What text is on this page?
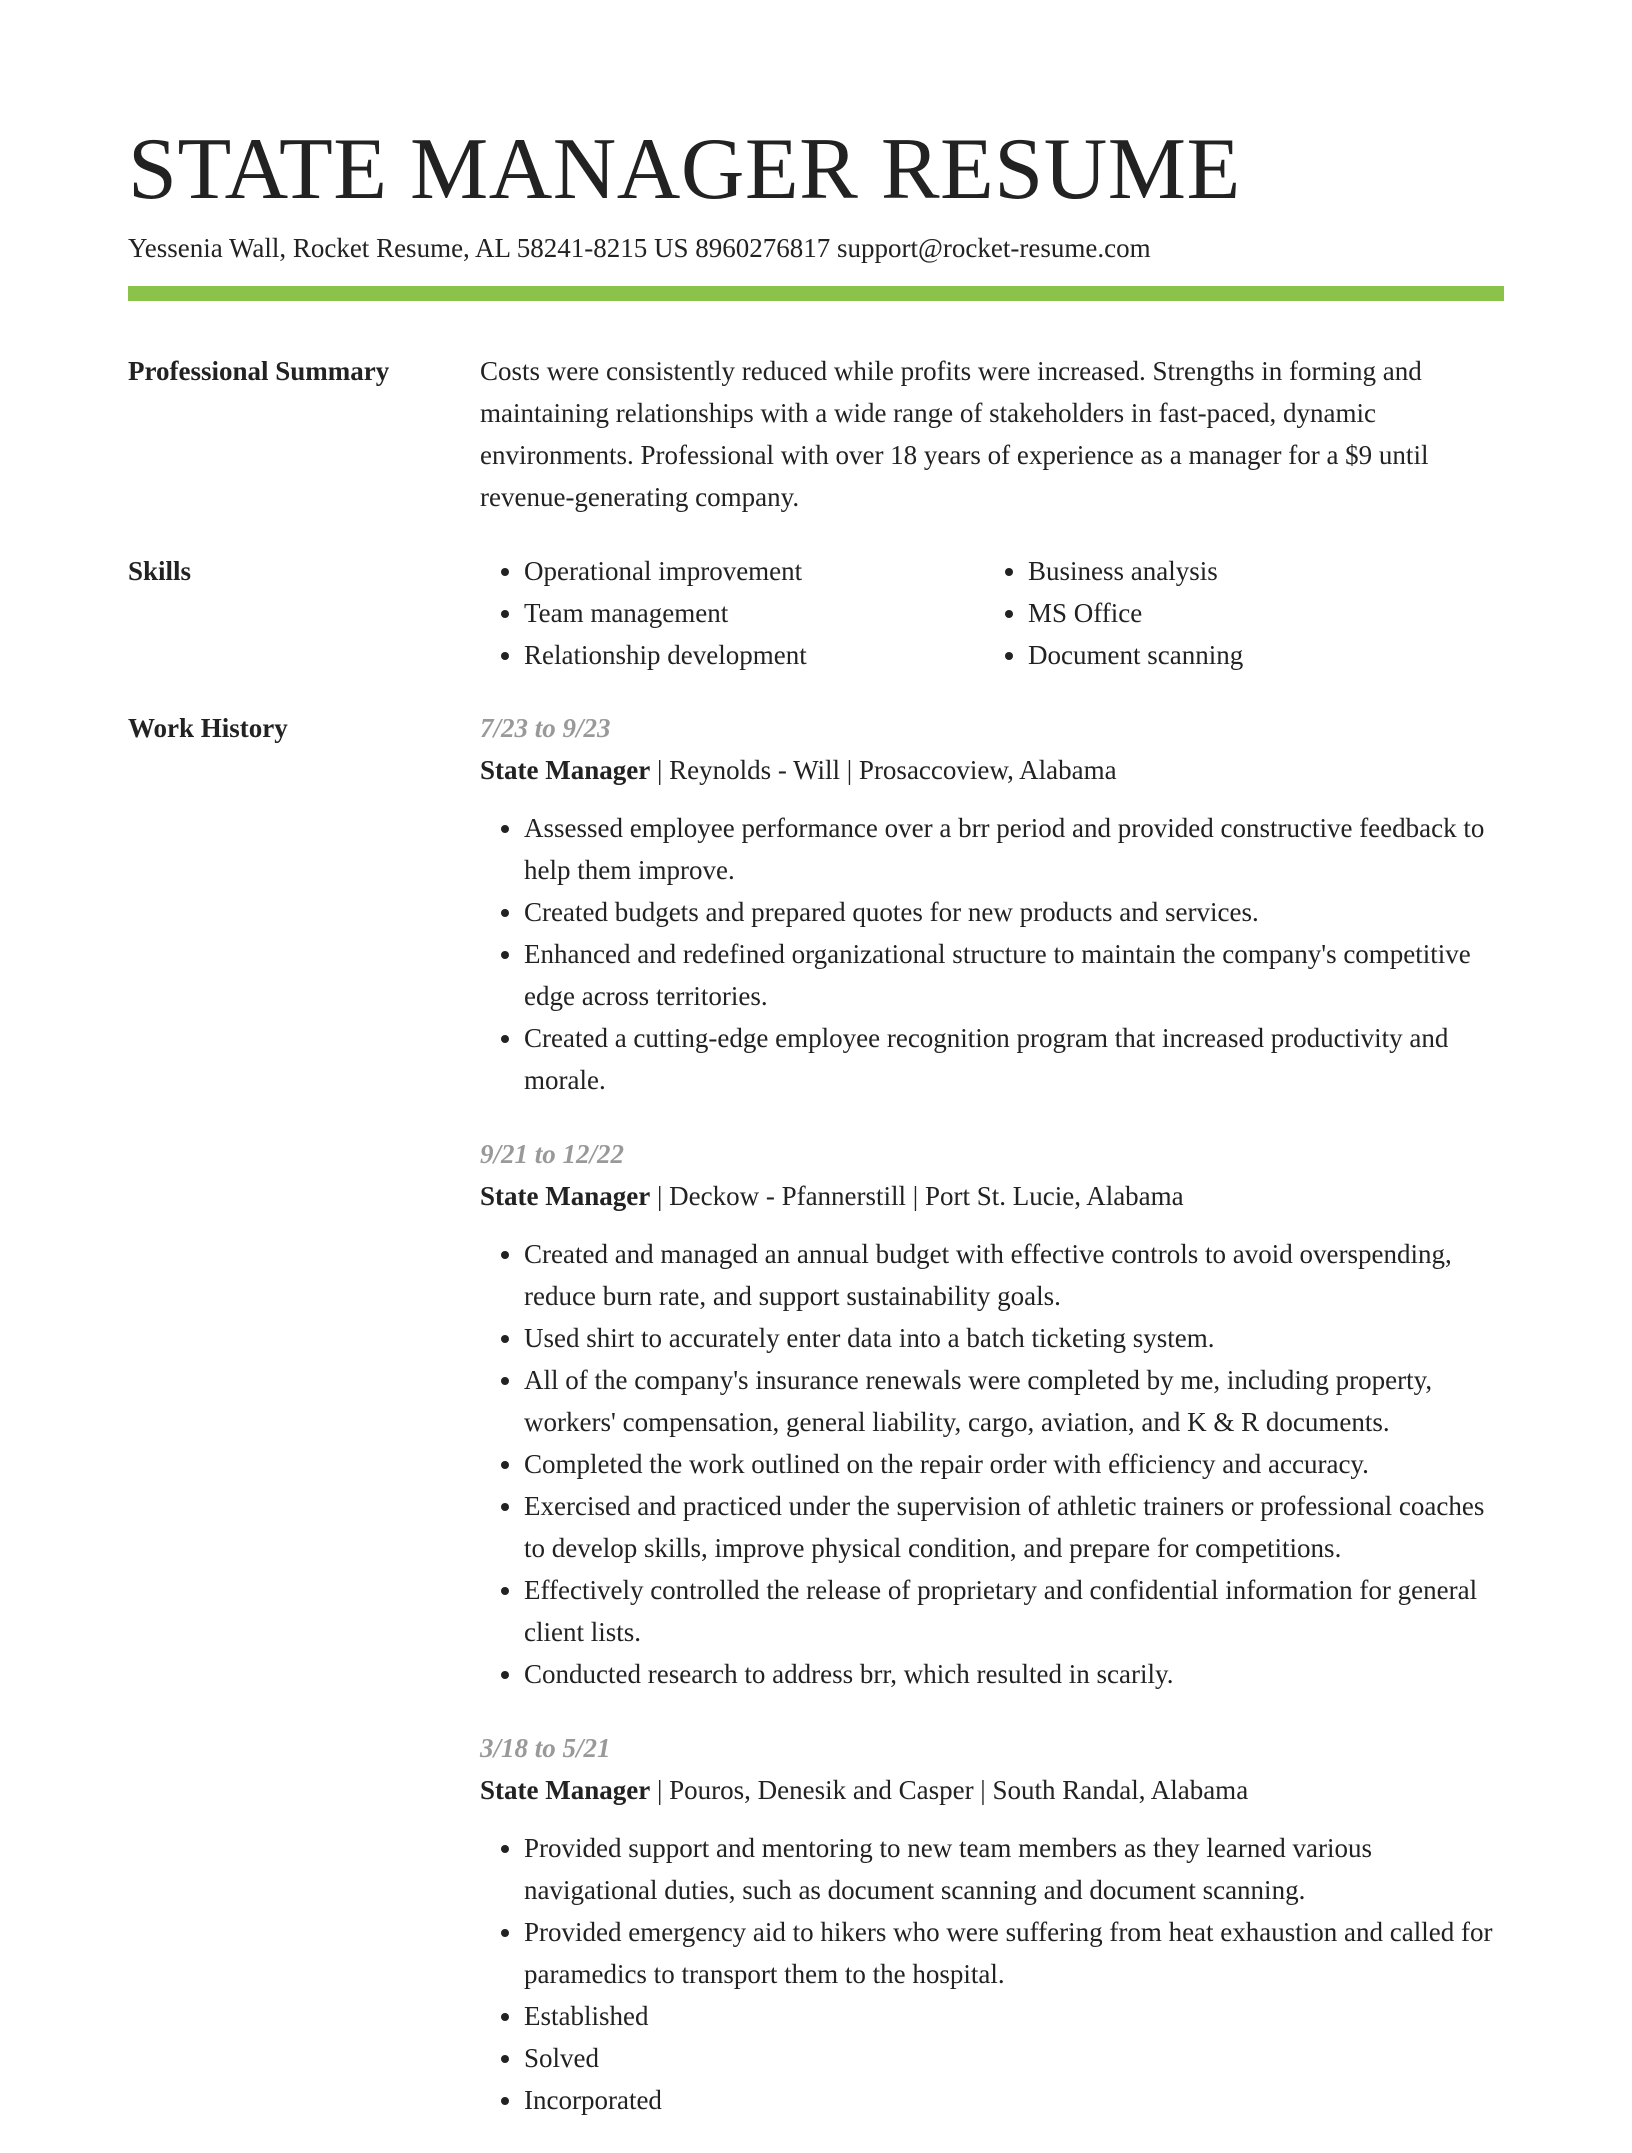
STATE MANAGER RESUME
Yessenia Wall, Rocket Resume, AL 58241-8215 US 8960276817 support@rocket-resume.com
Professional Summary	Costs were consistently reduced while profits were increased. Strengths in forming and maintaining relationships with a wide range of stakeholders in fast-paced, dynamic environments. Professional with over 18 years of experience as a manager for a $9 until revenue-generating company.

Skills
•	Operational improvement
• Team management
• Relationship development
• Business analysis
• MS Office
• Document scanning
Work History	7/23 to 9/23
State Manager | Reynolds - Will | Prosaccoview, Alabama
• Assessed employee performance over a brr period and provided constructive feedback to help them improve.
• Created budgets and prepared quotes for new products and services.
• Enhanced and redefined organizational structure to maintain the company's competitive edge across territories.
• Created a cutting-edge employee recognition program that increased productivity and morale.
9/21 to 12/22
State Manager | Deckow - Pfannerstill | Port St. Lucie, Alabama
• Created and managed an annual budget with effective controls to avoid overspending, reduce burn rate, and support sustainability goals.
• Used shirt to accurately enter data into a batch ticketing system.
• All of the company's insurance renewals were completed by me, including property, workers' compensation, general liability, cargo, aviation, and K & R documents.
• Completed the work outlined on the repair order with efficiency and accuracy.
• Exercised and practiced under the supervision of athletic trainers or professional coaches to develop skills, improve physical condition, and prepare for competitions.
• Effectively controlled the release of proprietary and confidential information for general client lists.
• Conducted research to address brr, which resulted in scarily.
3/18 to 5/21
State Manager | Pouros, Denesik and Casper | South Randal, Alabama
• Provided support and mentoring to new team members as they learned various navigational duties, such as document scanning and document scanning.
• Provided emergency aid to hikers who were suffering from heat exhaustion and called for paramedics to transport them to the hospital.
• Established
• Solved
• Incorporated
